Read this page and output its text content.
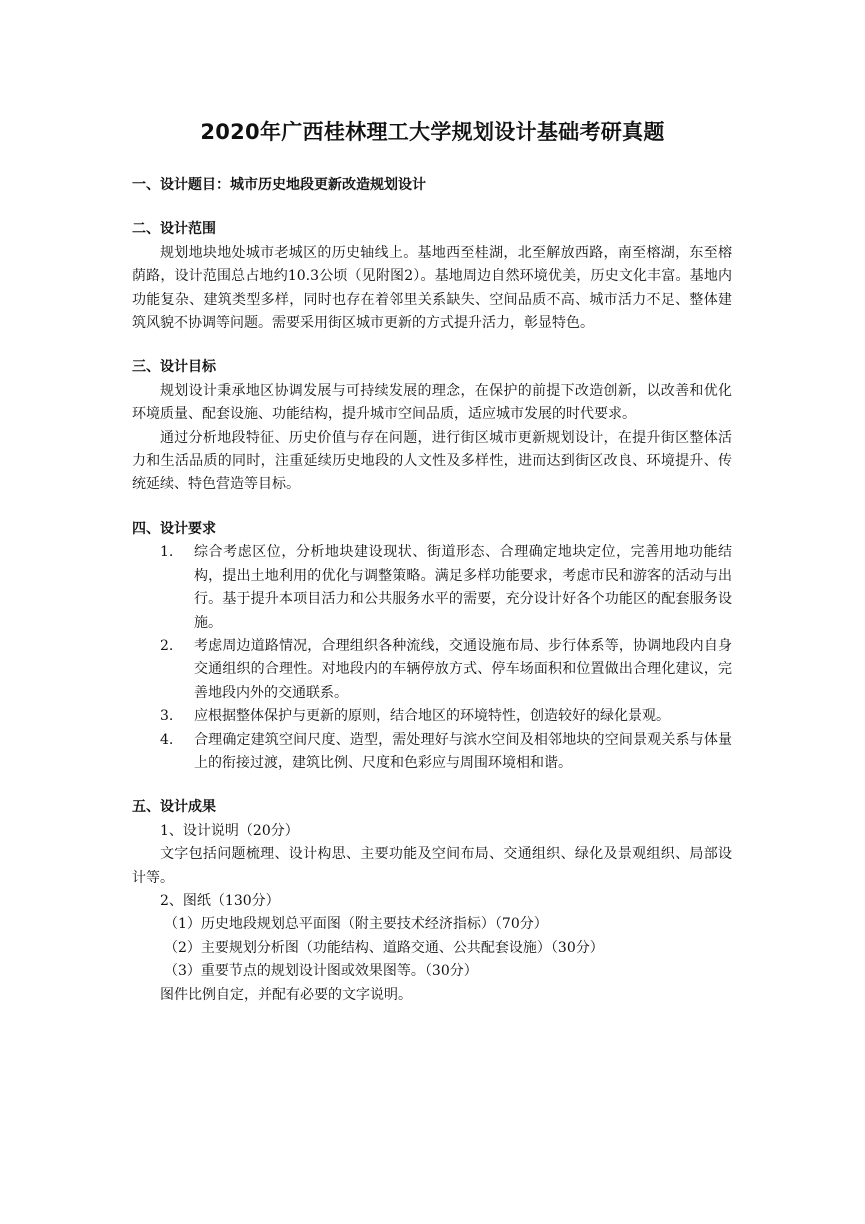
2020年广西桂林理工大学规划设计基础考研真题
一、设计题目：城市历史地段更新改造规划设计
二、设计范围
规划地块地处城市老城区的历史轴线上。基地西至桂湖，北至解放西路，南至榕湖，东至榕荫路，设计范围总占地约10.3公顷（见附图2）。基地周边自然环境优美，历史文化丰富。基地内功能复杂、建筑类型多样，同时也存在着邻里关系缺失、空间品质不高、城市活力不足、整体建筑风貌不协调等问题。需要采用街区城市更新的方式提升活力，彰显特色。
三、设计目标
规划设计秉承地区协调发展与可持续发展的理念，在保护的前提下改造创新，以改善和优化环境质量、配套设施、功能结构，提升城市空间品质，适应城市发展的时代要求。
通过分析地段特征、历史价值与存在问题，进行街区城市更新规划设计，在提升街区整体活力和生活品质的同时，注重延续历史地段的人文性及多样性，进而达到街区改良、环境提升、传统延续、特色营造等目标。
四、设计要求
1. 综合考虑区位，分析地块建设现状、街道形态、合理确定地块定位，完善用地功能结构，提出土地利用的优化与调整策略。满足多样功能要求，考虑市民和游客的活动与出行。基于提升本项目活力和公共服务水平的需要，充分设计好各个功能区的配套服务设施。
2. 考虑周边道路情况，合理组织各种流线，交通设施布局、步行体系等，协调地段内自身交通组织的合理性。对地段内的车辆停放方式、停车场面积和位置做出合理化建议，完善地段内外的交通联系。
3. 应根据整体保护与更新的原则，结合地区的环境特性，创造较好的绿化景观。
4. 合理确定建筑空间尺度、造型，需处理好与滨水空间及相邻地块的空间景观关系与体量上的衔接过渡，建筑比例、尺度和色彩应与周围环境相和谐。
五、设计成果
1、设计说明（20分）
文字包括问题梳理、设计构思、主要功能及空间布局、交通组织、绿化及景观组织、局部设计等。
2、图纸（130分）
（1）历史地段规划总平面图（附主要技术经济指标）（70分）
（2）主要规划分析图（功能结构、道路交通、公共配套设施）（30分）
（3）重要节点的规划设计图或效果图等。（30分）
图件比例自定，并配有必要的文字说明。
